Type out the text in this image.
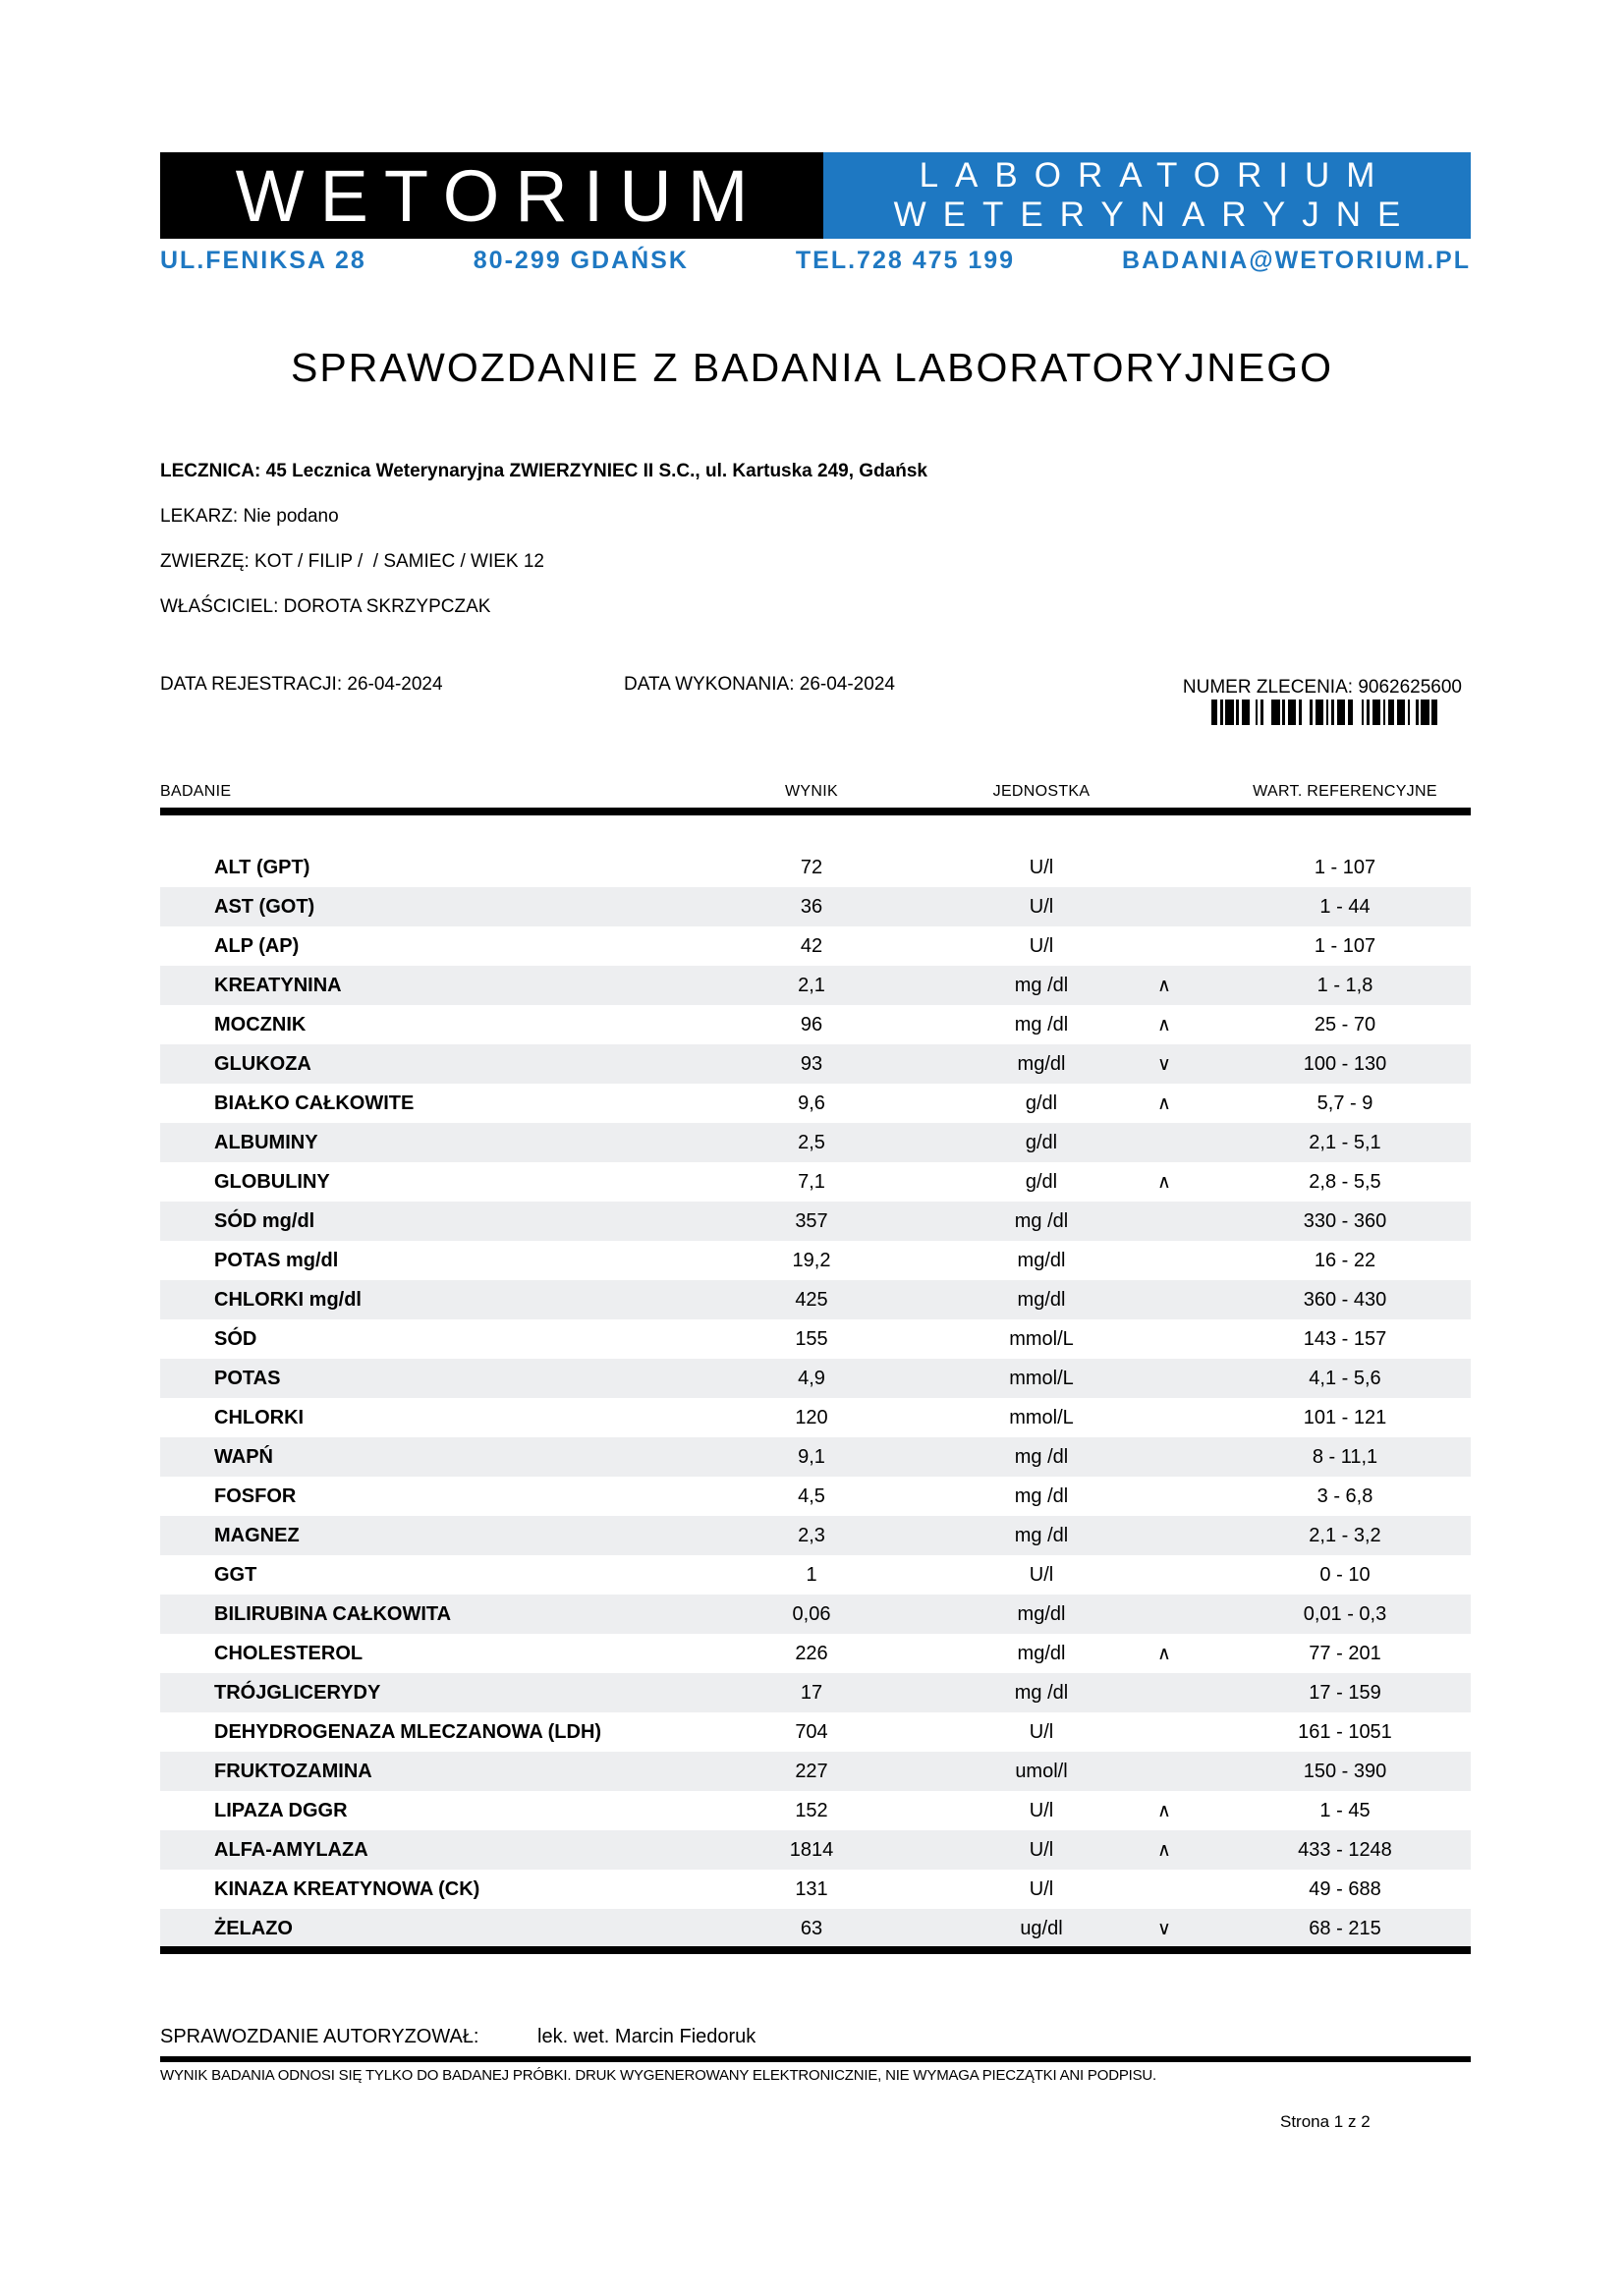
WETORIUM	LABORATORIUM
WETERYNARYJNE
UL.FENIKSA 28	80-299 GDAŃSK	TEL.728 475 199	BADANIA@WETORIUM.PL
SPRAWOZDANIE Z BADANIA LABORATORYJNEGO
LECZNICA: 45 Lecznica Weterynaryjna ZWIERZYNIEC II S.C., ul. Kartuska 249, Gdańsk
LEKARZ: Nie podano
ZWIERZĘ: KOT / FILIP /  / SAMIEC / WIEK 12
WŁAŚCICIEL: DOROTA SKRZYPCZAK
DATA REJESTRACJI: 26-04-2024	DATA WYKONANIA: 26-04-2024	NUMER ZLECENIA: 9062625600
BADANIE	WYNIK	JEDNOSTKA	WART. REFERENCYJNE
ALT (GPT)	72	U/l	1 - 107
AST (GOT)	36	U/l	1 - 44
ALP (AP)	42	U/l	1 - 107
KREATYNINA	2,1	mg /dl	∧	1 - 1,8
MOCZNIK	96	mg /dl	∧	25 - 70
GLUKOZA	93	mg/dl	∨	100 - 130
BIAŁKO CAŁKOWITE	9,6	g/dl	∧	5,7 - 9
ALBUMINY	2,5	g/dl	2,1 - 5,1
GLOBULINY	7,1	g/dl	∧	2,8 - 5,5
SÓD mg/dl	357	mg /dl	330 - 360
POTAS mg/dl	19,2	mg/dl	16 - 22
CHLORKI mg/dl	425	mg/dl	360 - 430
SÓD	155	mmol/L	143 - 157
POTAS	4,9	mmol/L	4,1 - 5,6
CHLORKI	120	mmol/L	101 - 121
WAPŃ	9,1	mg /dl	8 - 11,1
FOSFOR	4,5	mg /dl	3 - 6,8
MAGNEZ	2,3	mg /dl	2,1 - 3,2
GGT	1	U/l	0 - 10
BILIRUBINA CAŁKOWITA	0,06	mg/dl	0,01 - 0,3
CHOLESTEROL	226	mg/dl	∧	77 - 201
TRÓJGLICERYDY	17	mg /dl	17 - 159
DEHYDROGENAZA MLECZANOWA (LDH)	704	U/l	161 - 1051
FRUKTOZAMINA	227	umol/l	150 - 390
LIPAZA DGGR	152	U/l	∧	1 - 45
ALFA-AMYLAZA	1814	U/l	∧	433 - 1248
KINAZA KREATYNOWA (CK)	131	U/l	49 - 688
ŻELAZO	63	ug/dl	∨	68 - 215
SPRAWOZDANIE AUTORYZOWAŁ:	lek. wet. Marcin Fiedoruk
WYNIK BADANIA ODNOSI SIĘ TYLKO DO BADANEJ PRÓBKI. DRUK WYGENEROWANY ELEKTRONICZNIE, NIE WYMAGA PIECZĄTKI ANI PODPISU.
Strona 1 z 2
